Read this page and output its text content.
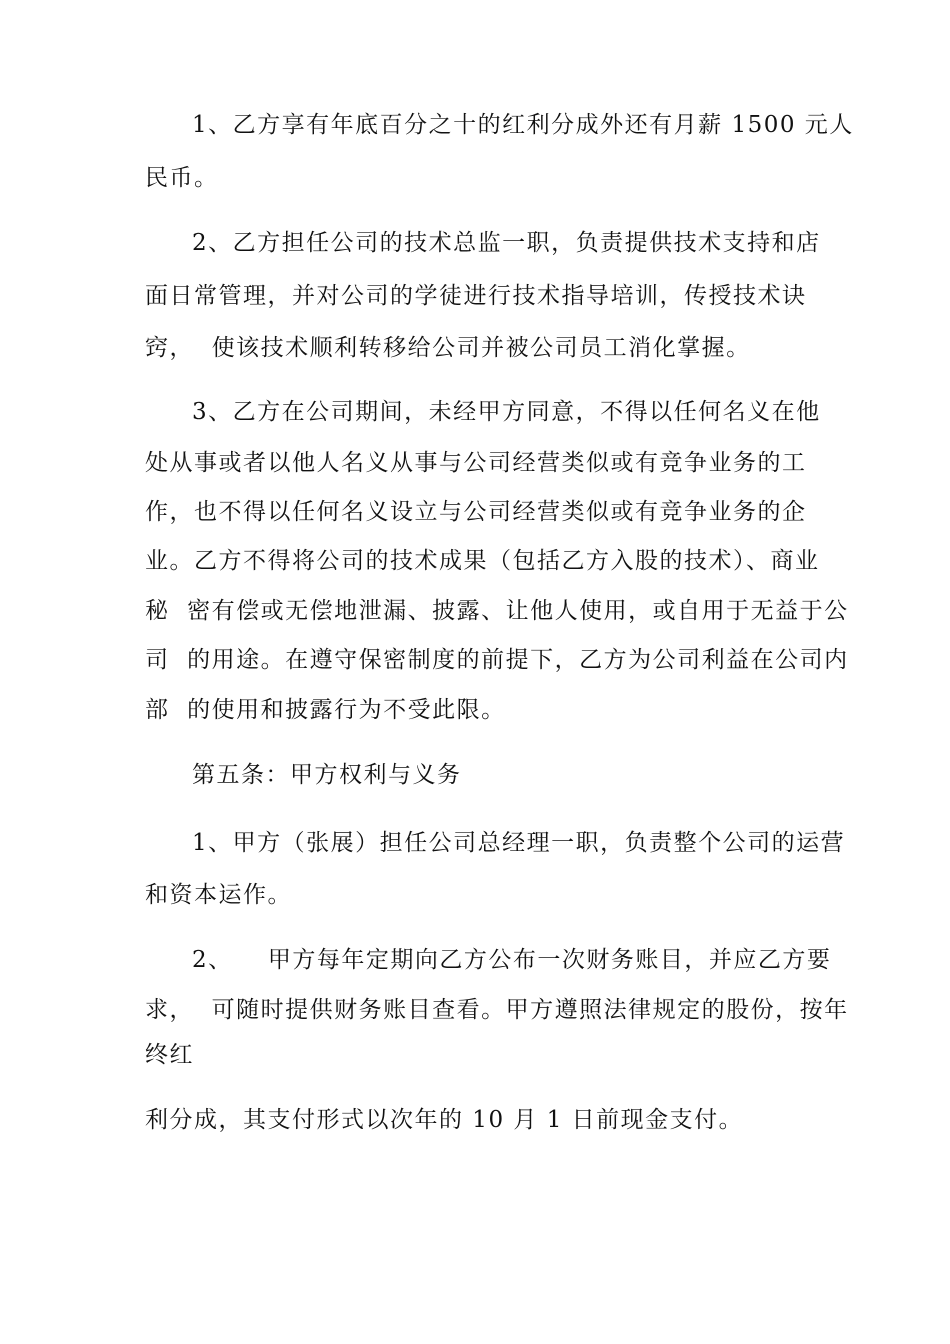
1、乙方享有年底百分之十的红利分成外还有月薪 1500 元人
民币。
2、乙方担任公司的技术总监一职，负责提供技术支持和店
面日常管理，并对公司的学徒进行技术指导培训，传授技术诀
窍，  使该技术顺利转移给公司并被公司员工消化掌握。
3、乙方在公司期间，未经甲方同意，不得以任何名义在他
处从事或者以他人名义从事与公司经营类似或有竞争业务的工
作，也不得以任何名义设立与公司经营类似或有竞争业务的企
业。乙方不得将公司的技术成果（包括乙方入股的技术）、商业
秘  密有偿或无偿地泄漏、披露、让他人使用，或自用于无益于公
司  的用途。在遵守保密制度的前提下，乙方为公司利益在公司内
部  的使用和披露行为不受此限。
第五条：甲方权利与义务
1、甲方（张展）担任公司总经理一职，负责整个公司的运营
和资本运作。
2、    甲方每年定期向乙方公布一次财务账目，并应乙方要
求，  可随时提供财务账目查看。甲方遵照法律规定的股份，按年
终红
利分成，其支付形式以次年的 10 月 1 日前现金支付。
